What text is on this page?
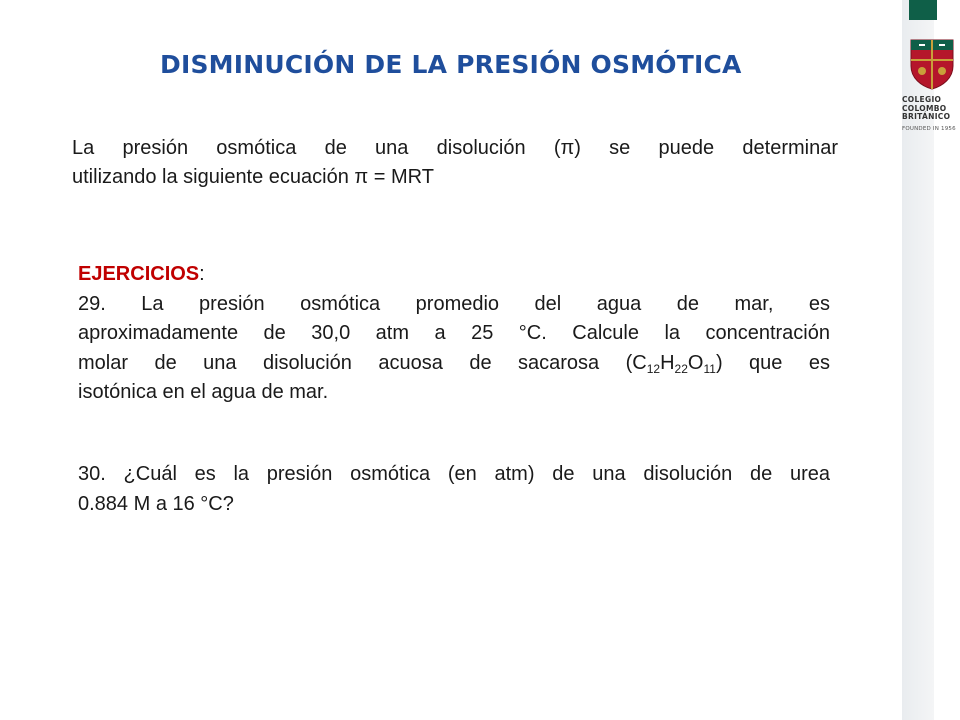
COLEGIO
COLOMBO
BRITÁNICO
FOUNDED IN 1956
DISMINUCIÓN DE LA PRESIÓN OSMÓTICA
La presión osmótica de una disolución (π) se puede determinar
utilizando la siguiente ecuación π = MRT
EJERCICIOS:
29. La presión osmótica promedio del agua de mar, es
aproximadamente de 30,0 atm a 25 °C. Calcule la concentración
molar de una disolución acuosa de sacarosa $(C_{12}H_{22}O_{11})$ que es
isotónica en el agua de mar.
30. ¿Cuál es la presión osmótica (en atm) de una disolución de urea
0.884 M a 16 °C?
